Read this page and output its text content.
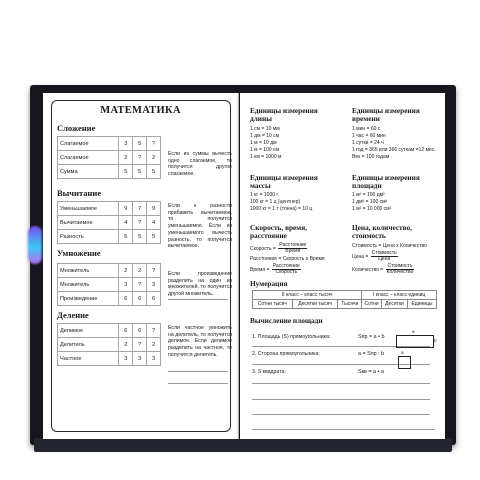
МАТЕМАТИКА
Сложение
Слагаемое	3	5	?
Слагаемое	2	?	2
Сумма	5	5	5
Если из суммы вычесть одно слагаемое, то получится другое слагаемое.
Вычитание
Уменьшаемое	9	7	9
Вычитаемое	4	?	4
Разность	5	5	5
Если к разности прибавить вычитаемое, то получится уменьшаемое. Если из уменьшаемого вычесть разность, то получится вычитаемое.
Умножение
Множитель	2	2	?
Множитель	3	?	3
Произведение	6	6	6
Если произведение разделить на один из множителей, то получится другой множитель.
Деление
Делимое	6	6	?
Делитель	2	?	2
Частное	3	3	3
Если частное умножить на делитель, то получится делимое. Если делимое разделить на частное, то получится делитель.
Единицы измерения длины
1 см = 10 мм
1 дм = 10 см
1 м = 10 дм
1 м = 100 см
1 км = 1000 м
Единицы измерения времени
1 мин = 60 с
1 час = 60 мин
1 сутки = 24 ч
1 год = 365 или 366 суткам =12 мес.
Век = 100 годам
Единицы измерения массы
1 кг = 1000 г
100 кг = 1 ц (центнер)
1000 кг = 1 т (тонна) = 10 ц
Единицы измерения площади
1 м² = 100 дм²
1 дм² = 100 см²
1 м² = 10 000 см²
Скорость, время, расстояние
Скорость = $\frac{\text{Расстояние}}{\text{Время}}$
Расстояние = Скорость х Время
Время = $\frac{\text{Расстояние}}{\text{Скорость}}$
Цена, количество, стоимость
Стоимость = Цена х Количество
Цена = $\frac{\text{Стоимость}}{\text{Цена}}$
Количество = $\frac{\text{Стоимость}}{\text{Количество}}$
Нумерация
II класс – класс тысяч			I класс – класс единиц		
Сотни тысяч	Десятки тысяч	Тысячи	Сотни	Десятки	Единицы
Вычисление площади
1. Площадь (S) прямоугольника:	Sпр = a • b
2. Сторона прямоугольника:	a = Sпр : b
3. S квадрата:	Sкв = a • a
a
b
a
